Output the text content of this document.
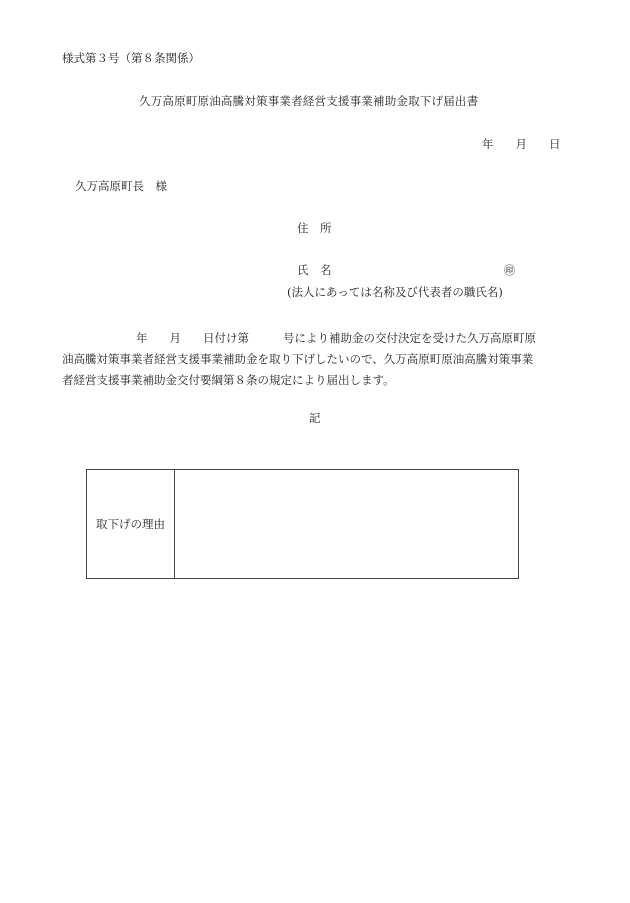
様式第３号（第８条関係）
久万高原町原油高騰対策事業者経営支援事業補助金取下げ届出書
年 月 日
久万高原町長　様
住　所
氏　名	㊞
(法人にあっては名称及び代表者の職氏名)
年 月 日付け第	号により補助金の交付決定を受けた久万高原町原
油高騰対策事業者経営支援事業補助金を取り下げしたいので、久万高原町原油高騰対策事業
者経営支援事業補助金交付要綱第８条の規定により届出します。
記
取下げの理由
